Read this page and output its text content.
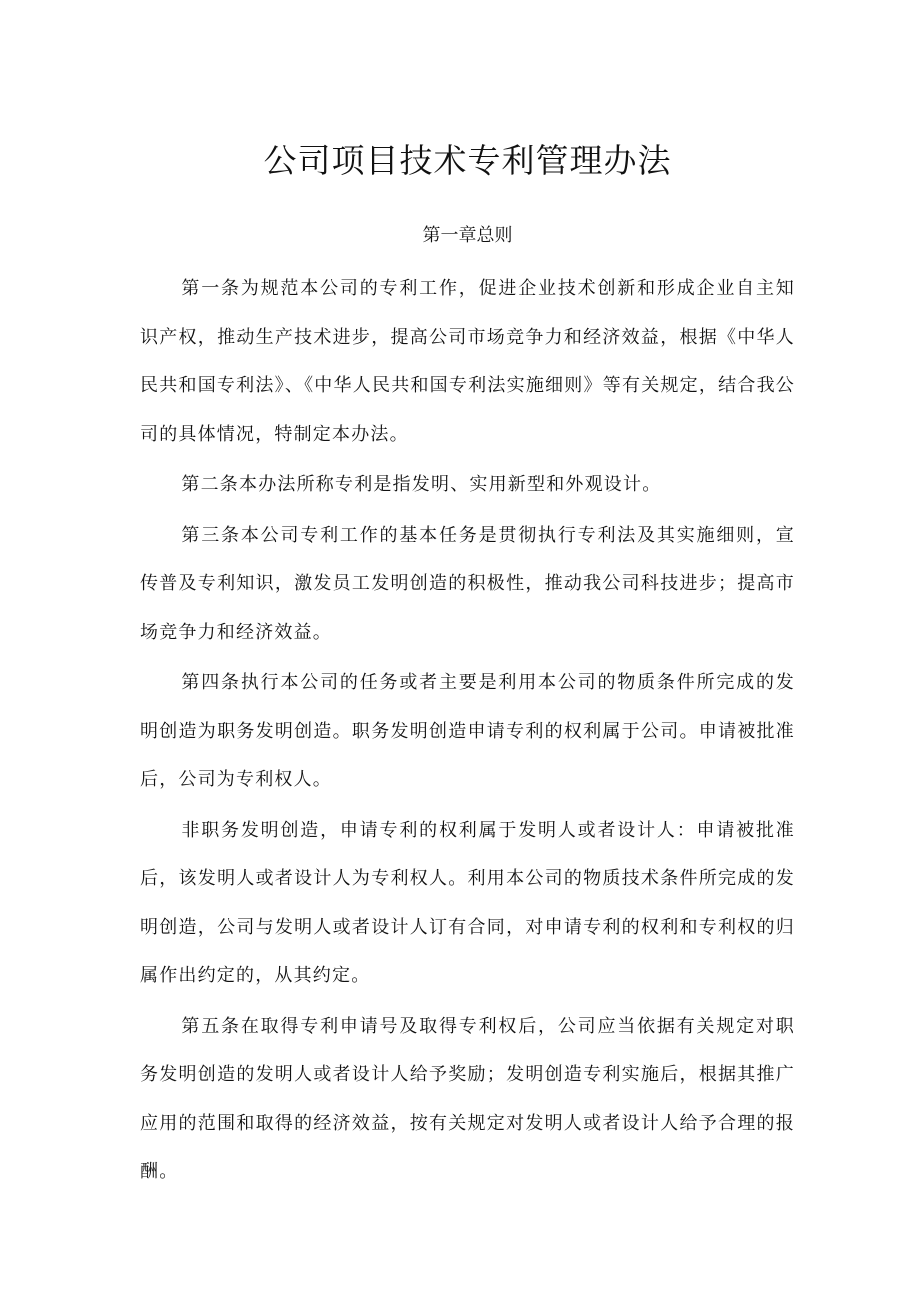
公司项目技术专利管理办法

第一章总则

第一条为规范本公司的专利工作，促进企业技术创新和形成企业自主知识产权，推动生产技术进步，提高公司市场竞争力和经济效益，根据《中华人民共和国专利法》、《中华人民共和国专利法实施细则》等有关规定，结合我公司的具体情况，特制定本办法。

第二条本办法所称专利是指发明、实用新型和外观设计。

第三条本公司专利工作的基本任务是贯彻执行专利法及其实施细则，宣传普及专利知识，激发员工发明创造的积极性，推动我公司科技进步；提高市场竞争力和经济效益。

第四条执行本公司的任务或者主要是利用本公司的物质条件所完成的发明创造为职务发明创造。职务发明创造申请专利的权利属于公司。申请被批准后，公司为专利权人。

非职务发明创造，申请专利的权利属于发明人或者设计人：申请被批准后，该发明人或者设计人为专利权人。利用本公司的物质技术条件所完成的发明创造，公司与发明人或者设计人订有合同，对申请专利的权利和专利权的归属作出约定的，从其约定。

第五条在取得专利申请号及取得专利权后，公司应当依据有关规定对职务发明创造的发明人或者设计人给予奖励；发明创造专利实施后，根据其推广应用的范围和取得的经济效益，按有关规定对发明人或者设计人给予合理的报酬。
